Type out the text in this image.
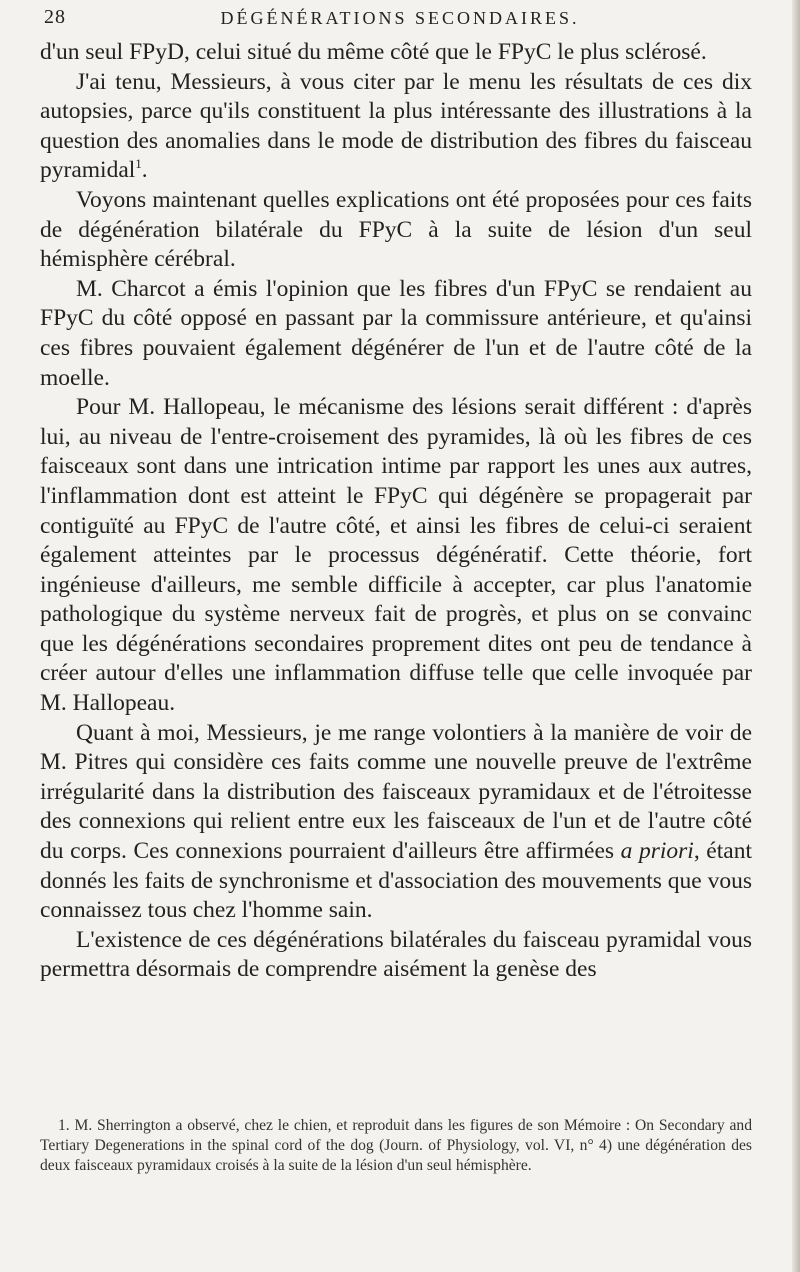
28	DÉGÉNÉRATIONS SECONDAIRES.

d'un seul FPyD, celui situé du même côté que le FPyC le plus sclérosé.

J'ai tenu, Messieurs, à vous citer par le menu les résultats de ces dix autopsies, parce qu'ils constituent la plus intéressante des illustrations à la question des anomalies dans le mode de distribution des fibres du faisceau pyramidal$^1$.

Voyons maintenant quelles explications ont été proposées pour ces faits de dégénération bilatérale du FPyC à la suite de lésion d'un seul hémisphère cérébral.

M. Charcot a émis l'opinion que les fibres d'un FPyC se rendaient au FPyC du côté opposé en passant par la commissure antérieure, et qu'ainsi ces fibres pouvaient également dégénérer de l'un et de l'autre côté de la moelle.

Pour M. Hallopeau, le mécanisme des lésions serait différent : d'après lui, au niveau de l'entre-croisement des pyramides, là où les fibres de ces faisceaux sont dans une intrication intime par rapport les unes aux autres, l'inflammation dont est atteint le FPyC qui dégénère se propagerait par contiguïté au FPyC de l'autre côté, et ainsi les fibres de celui-ci seraient également atteintes par le processus dégénératif. Cette théorie, fort ingénieuse d'ailleurs, me semble difficile à accepter, car plus l'anatomie pathologique du système nerveux fait de progrès, et plus on se convainc que les dégénérations secondaires proprement dites ont peu de tendance à créer autour d'elles une inflammation diffuse telle que celle invoquée par M. Hallopeau.

Quant à moi, Messieurs, je me range volontiers à la manière de voir de M. Pitres qui considère ces faits comme une nouvelle preuve de l'extrême irrégularité dans la distribution des faisceaux pyramidaux et de l'étroitesse des connexions qui relient entre eux les faisceaux de l'un et de l'autre côté du corps. Ces connexions pourraient d'ailleurs être affirmées a priori, étant donnés les faits de synchronisme et d'association des mouvements que vous connaissez tous chez l'homme sain.

L'existence de ces dégénérations bilatérales du faisceau pyramidal vous permettra désormais de comprendre aisément la genèse des

1. M. Sherrington a observé, chez le chien, et reproduit dans les figures de son Mémoire : On Secondary and Tertiary Degenerations in the spinal cord of the dog (Journ. of Physiology, vol. VI, n° 4) une dégénération des deux faisceaux pyramidaux croisés à la suite de la lésion d'un seul hémisphère.
